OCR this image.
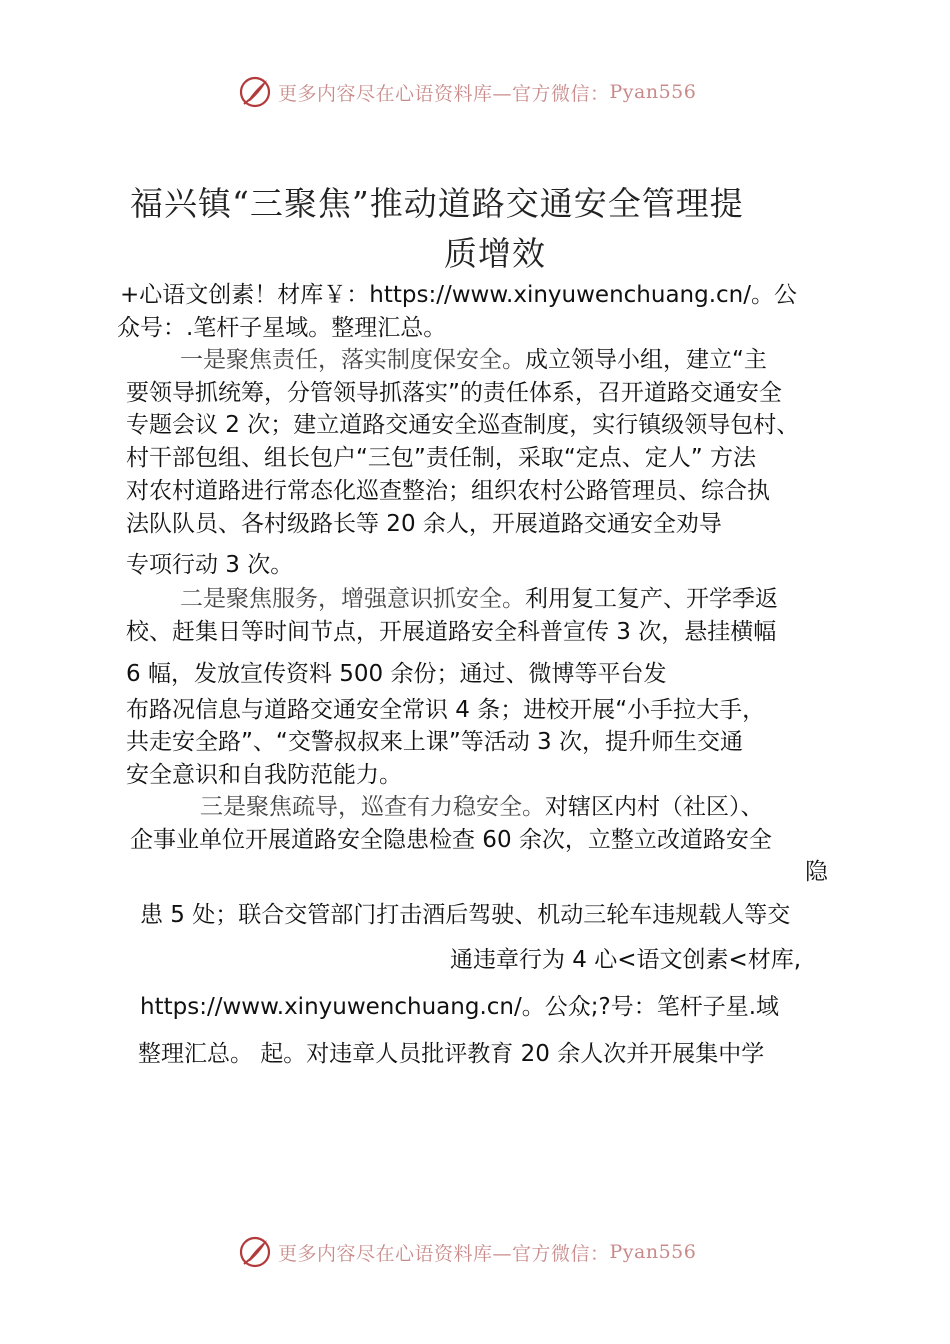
更多内容尽在心语资料库—官方微信： Pyan556
福兴镇“三聚焦”推动道路交通安全管理提
质增效
+心语文创素！材库￥：https://www.xinyuwenchuang.cn/。公
众号：.笔杆子星域。整理汇总。
一是聚焦责任，落实制度保安全。成立领导小组，建立“主
要领导抓统筹，分管领导抓落实”的责任体系，召开道路交通安全
专题会议 2 次；建立道路交通安全巡查制度，实行镇级领导包村、
村干部包组、组长包户“三包”责任制，采取“定点、定人” 方法
对农村道路进行常态化巡查整治；组织农村公路管理员、综合执
法队队员、各村级路长等 20 余人，开展道路交通安全劝导
专项行动 3 次。
二是聚焦服务，增强意识抓安全。利用复工复产、开学季返
校、赶集日等时间节点，开展道路安全科普宣传 3 次，悬挂横幅
6 幅，发放宣传资料 500 余份；通过、微博等平台发
布路况信息与道路交通安全常识 4 条；进校开展“小手拉大手，
共走安全路”、“交警叔叔来上课”等活动 3 次，提升师生交通
安全意识和自我防范能力。
三是聚焦疏导，巡查有力稳安全。对辖区内村（社区）、
企事业单位开展道路安全隐患检查 60 余次，立整立改道路安全
隐
患 5 处；联合交管部门打击酒后驾驶、机动三轮车违规载人等交
通违章行为 4 心<语文创素<材库,
https://www.xinyuwenchuang.cn/。公众;?号：笔杆子星.域
整理汇总。 起。对违章人员批评教育 20 余人次并开展集中学
更多内容尽在心语资料库—官方微信： Pyan556
